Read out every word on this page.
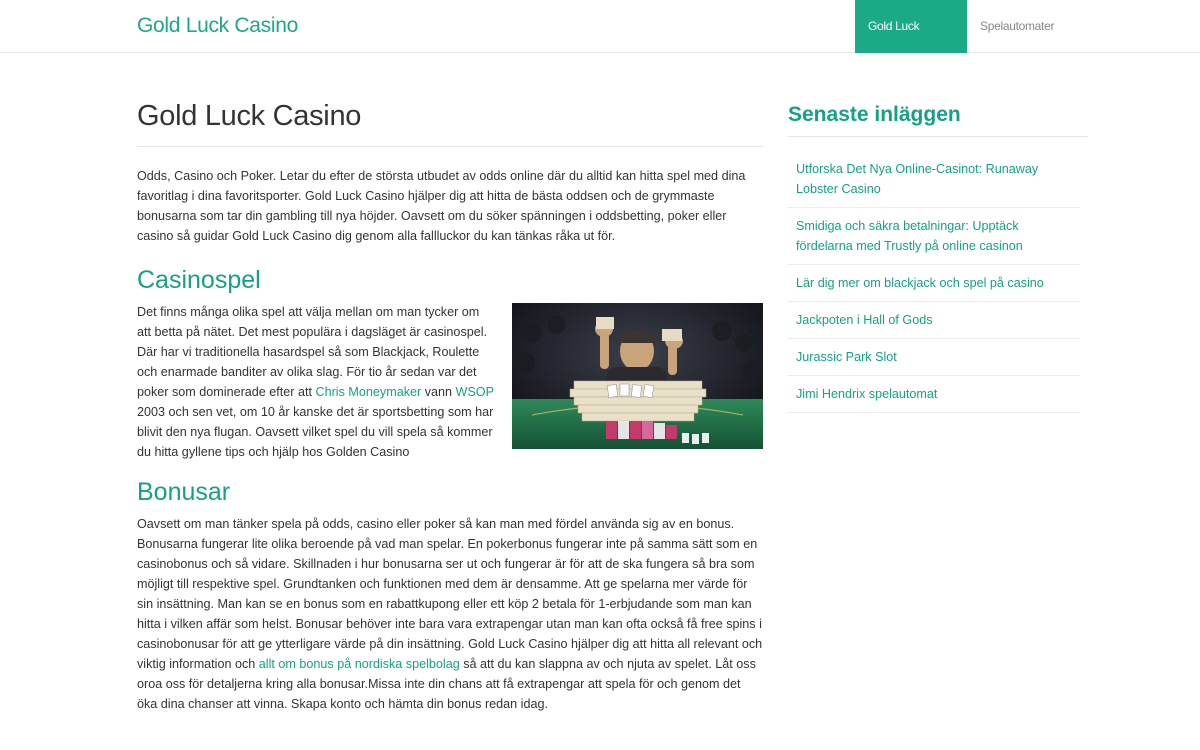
Gold Luck Casino	Gold Luck Casino
Spelautomater
Gold Luck Casino

Odds, Casino och Poker. Letar du efter de största utbudet av odds online där du alltid kan hitta spel med dina favoritlag i dina favoritsporter. Gold Luck Casino hjälper dig att hitta de bästa oddsen och de grymmaste bonusarna som tar din gambling till nya höjder. Oavsett om du söker spänningen i oddsbetting, poker eller casino så guidar Gold Luck Casino dig genom alla fallluckor du kan tänkas råka ut för.

Casinospel

Det finns många olika spel att välja mellan om man tycker om att betta på nätet. Det mest populära i dagsläget är casinospel. Där har vi traditionella hasardspel så som Blackjack, Roulette och enarmade banditer av olika slag. För tio år sedan var det poker som dominerade efter att Chris Moneymaker vann WSOP 2003 och sen vet, om 10 år kanske det är sportsbetting som har blivit den nya flugan. Oavsett vilket spel du vill spela så kommer du hitta gyllene tips och hjälp hos Golden Casino

Bonusar

Oavsett om man tänker spela på odds, casino eller poker så kan man med fördel använda sig av en bonus. Bonusarna fungerar lite olika beroende på vad man spelar. En pokerbonus fungerar inte på samma sätt som en casinobonus och så vidare. Skillnaden i hur bonusarna ser ut och fungerar är för att de ska fungera så bra som möjligt till respektive spel. Grundtanken och funktionen med dem är densamme. Att ge spelarna mer värde för sin insättning. Man kan se en bonus som en rabattkupong eller ett köp 2 betala för 1-erbjudande som man kan hitta i vilken affär som helst. Bonusar behöver inte bara vara extrapengar utan man kan ofta också få free spins i casinobonusar för att ge ytterligare värde på din insättning. Gold Luck Casino hjälper dig att hitta all relevant och viktig information och allt om bonus på nordiska spelbolag så att du kan slappna av och njuta av spelet. Låt oss oroa oss för detaljerna kring alla bonusar.Missa inte din chans att få extrapengar att spela för och genom det öka dina chanser att vinna. Skapa konto och hämta din bonus redan idag.

Senaste inläggen
Utforska Det Nya Online-Casinot: Runaway Lobster Casino
Smidiga och säkra betalningar: Upptäck fördelarna med Trustly på online casinon
Lär dig mer om blackjack och spel på casino
Jackpoten i Hall of Gods
Jurassic Park Slot
Jimi Hendrix spelautomat
